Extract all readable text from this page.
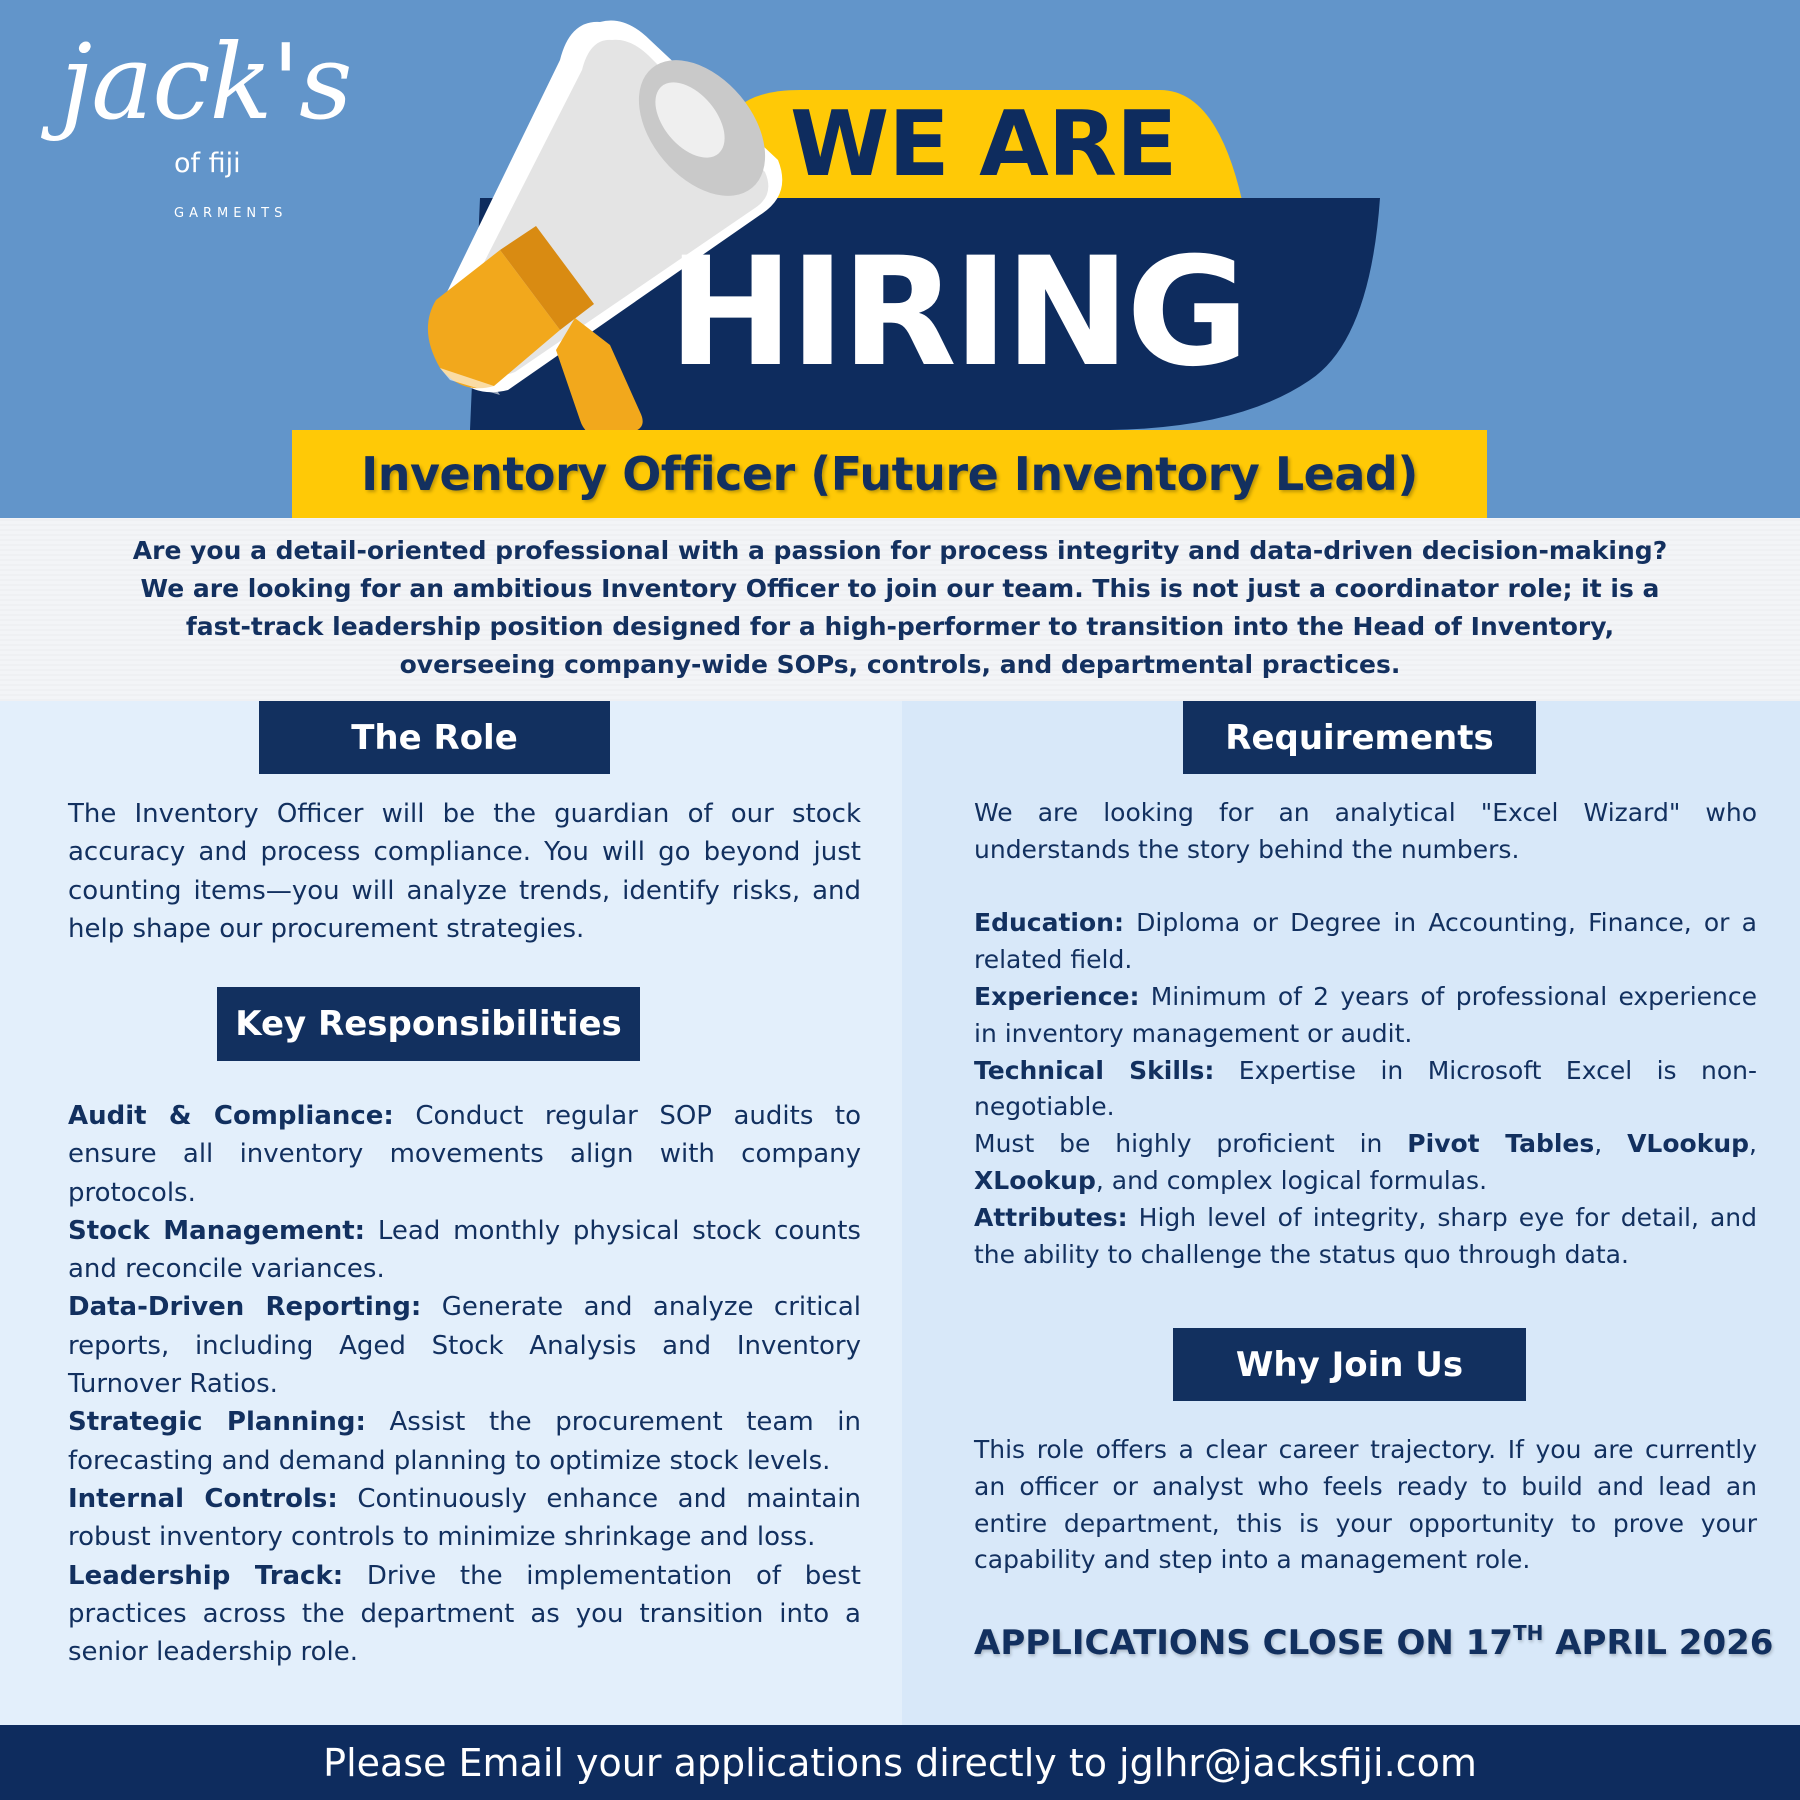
jack's
of fiji
GARMENTS
WE ARE
HIRING
Inventory Officer (Future Inventory Lead)
Are you a detail-oriented professional with a passion for process integrity and data-driven decision-making? We are looking for an ambitious Inventory Officer to join our team. This is not just a coordinator role; it is a fast-track leadership position designed for a high-performer to transition into the Head of Inventory, overseeing company-wide SOPs, controls, and departmental practices.
The Role
The Inventory Officer will be the guardian of our stock accuracy and process compliance. You will go beyond just counting items—you will analyze trends, identify risks, and help shape our procurement strategies.
Key Responsibilities
Audit & Compliance: Conduct regular SOP audits to ensure all inventory movements align with company protocols.
Stock Management: Lead monthly physical stock counts and reconcile variances.
Data-Driven Reporting: Generate and analyze critical reports, including Aged Stock Analysis and Inventory Turnover Ratios.
Strategic Planning: Assist the procurement team in forecasting and demand planning to optimize stock levels.
Internal Controls: Continuously enhance and maintain robust inventory controls to minimize shrinkage and loss.
Leadership Track: Drive the implementation of best practices across the department as you transition into a senior leadership role.
Requirements
We are looking for an analytical "Excel Wizard" who understands the story behind the numbers.
Education: Diploma or Degree in Accounting, Finance, or a related field.
Experience: Minimum of 2 years of professional experience in inventory management or audit.
Technical Skills: Expertise in Microsoft Excel is non-negotiable.
Must be highly proficient in Pivot Tables, VLookup, XLookup, and complex logical formulas.
Attributes: High level of integrity, sharp eye for detail, and the ability to challenge the status quo through data.
Why Join Us
This role offers a clear career trajectory. If you are currently an officer or analyst who feels ready to build and lead an entire department, this is your opportunity to prove your capability and step into a management role.
APPLICATIONS CLOSE ON 17TH APRIL 2026
Please Email your applications directly to jglhr@jacksfiji.com
